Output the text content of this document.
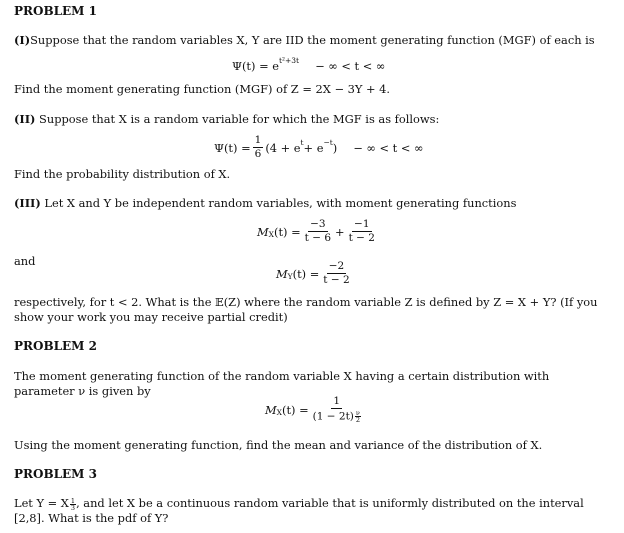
PROBLEM 1
(I)Suppose that the random variables X, Y are IID the moment generating function (MGF) of each is
$\Psi(t) = e^{t^2+3t}$ − ∞ < t < ∞
Find the moment generating function (MGF) of Z = 2X − 3Y + 4.
(II) Suppose that X is a random variable for which the MGF is as follows:
$\Psi(t) = \frac{1}{6} (4 + e^t + e^{-t}$ ) − ∞ < t < ∞
Find the probability distribution of X.
(III) Let X and Y be independent random variables, with moment generating functions
$M_X$ $(t) = \frac{-3}{t - 6} + \frac{-1}{t - 2}$
and
$M_Y$ $(t) = \frac{-2}{t - 2}$
respectively, for t < 2. What is the 𝔼(Z) where the random variable Z is defined by Z = X + Y? (If you show your work you may receive partial credit)
PROBLEM 2
The moment generating function of the random variable X having a certain distribution with parameter ν is given by
$M_X$ $(t) = \frac{1}{(1 - 2t) \frac{\nu}{2}}$
Using the moment generating function, find the mean and variance of the distribution of X.
PROBLEM 3
Let Y = X $\frac{1}{3}$ , and let X be a continuous random variable that is uniformly distributed on the interval [2,8]. What is the pdf of Y?
